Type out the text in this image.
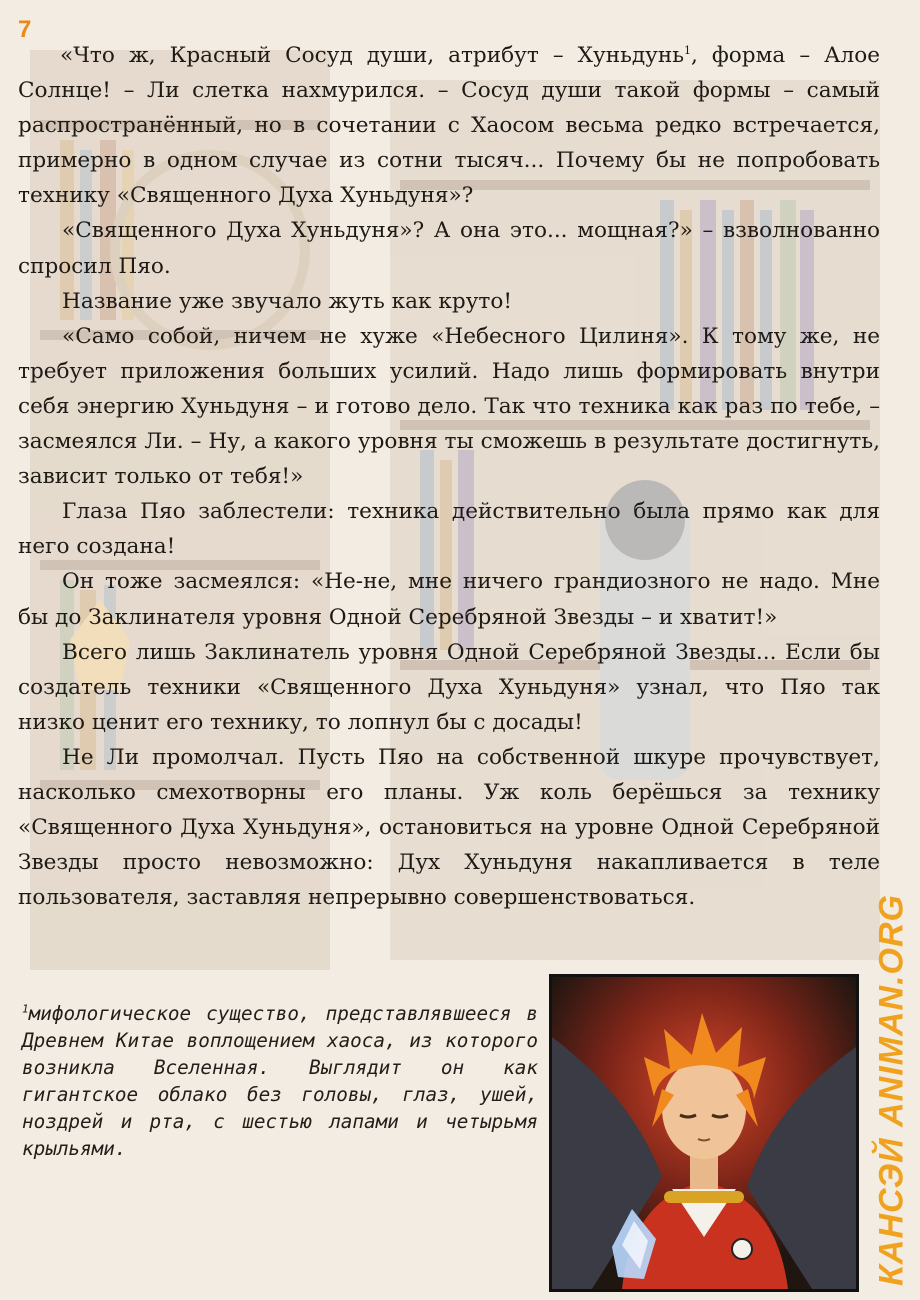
7

«Что ж, Красный Сосуд души, атрибут – Хуньдунь$^1$, форма – Алое Солнце! – Ли слетка нахмурился. – Сосуд души такой формы – самый распространённый, но в сочетании с Хаосом весьма редко встречается, примерно в одном случае из сотни тысяч... Почему бы не попробовать технику «Священного Духа Хуньдуня»?

«Священного Духа Хуньдуня»? А она это... мощная?» – взволнованно спросил Пяо.

Название уже звучало жуть как круто!

«Само собой, ничем не хуже «Небесного Цилиня». К тому же, не требует приложения больших усилий. Надо лишь формировать внутри себя энергию Хуньдуня – и готово дело. Так что техника как раз по тебе, – засмеялся Ли. – Ну, а какого уровня ты сможешь в результате достигнуть, зависит только от тебя!»

Глаза Пяо заблестели: техника действительно была прямо как для него создана!

Он тоже засмеялся: «Не-не, мне ничего грандиозного не надо. Мне бы до Заклинателя уровня Одной Серебряной Звезды – и хватит!»

Всего лишь Заклинатель уровня Одной Серебряной Звезды... Если бы создатель техники «Священного Духа Хуньдуня» узнал, что Пяо так низко ценит его технику, то лопнул бы с досады!

Не Ли промолчал. Пусть Пяо на собственной шкуре прочувствует, насколько смехотворны его планы. Уж коль берёшься за технику «Священного Духа Хуньдуня», остановиться на уровне Одной Серебряной Звезды просто невозможно: Дух Хуньдуня накапливается в теле пользователя, заставляя непрерывно совершенствоваться.

$^1$мифологическое существо, представлявшееся в Древнем Китае воплощением хаоса, из которого возникла Вселенная. Выглядит он как гигантское облако без головы, глаз, ушей, ноздрей и рта, с шестью лапами и четырьмя крыльями.	КАНСЭЙ ANIMAN.ORG
